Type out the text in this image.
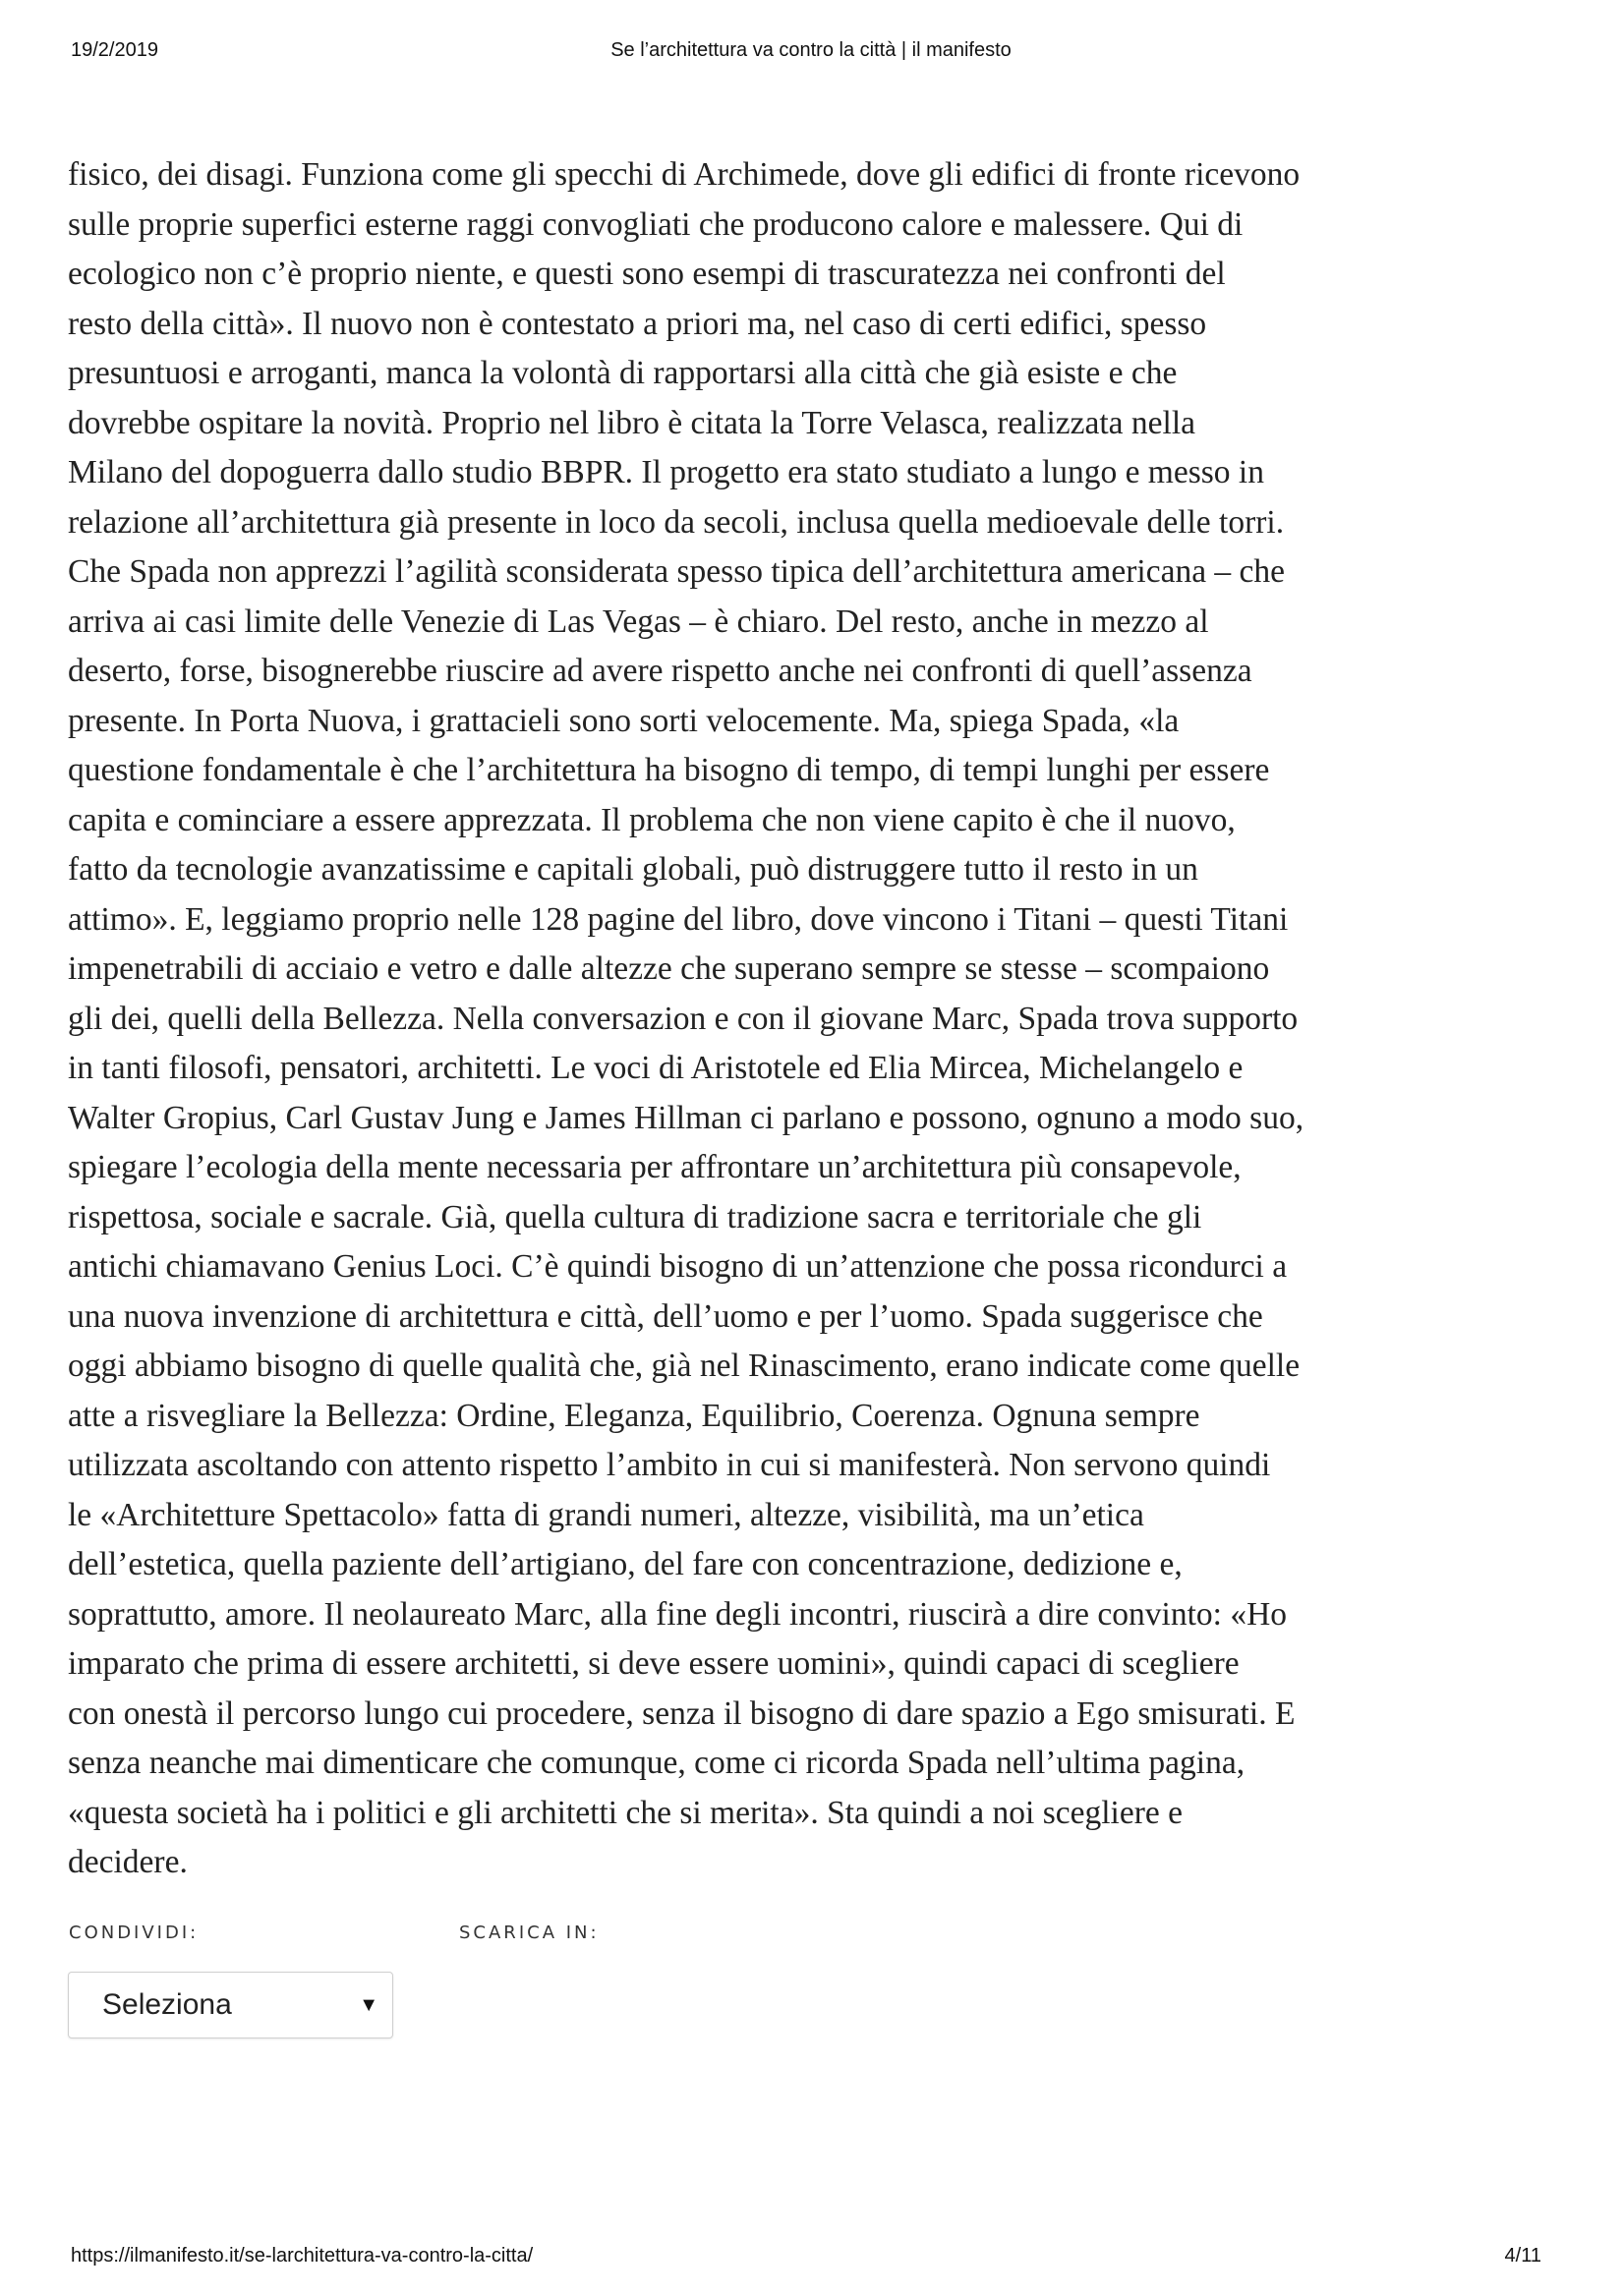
19/2/2019	Se l’architettura va contro la città | il manifesto
fisico, dei disagi. Funziona come gli specchi di Archimede, dove gli edifici di fronte ricevono
sulle proprie superfici esterne raggi convogliati che producono calore e malessere. Qui di
ecologico non c’è proprio niente, e questi sono esempi di trascuratezza nei confronti del
resto della città». Il nuovo non è contestato a priori ma, nel caso di certi edifici, spesso
presuntuosi e arroganti, manca la volontà di rapportarsi alla città che già esiste e che
dovrebbe ospitare la novità. Proprio nel libro è citata la Torre Velasca, realizzata nella
Milano del dopoguerra dallo studio BBPR. Il progetto era stato studiato a lungo e messo in
relazione all’architettura già presente in loco da secoli, inclusa quella medioevale delle torri.
Che Spada non apprezzi l’agilità sconsiderata spesso tipica dell’architettura americana – che
arriva ai casi limite delle Venezie di Las Vegas – è chiaro. Del resto, anche in mezzo al
deserto, forse, bisognerebbe riuscire ad avere rispetto anche nei confronti di quell’assenza
presente. In Porta Nuova, i grattacieli sono sorti velocemente. Ma, spiega Spada, «la
questione fondamentale è che l’architettura ha bisogno di tempo, di tempi lunghi per essere
capita e cominciare a essere apprezzata. Il problema che non viene capito è che il nuovo,
fatto da tecnologie avanzatissime e capitali globali, può distruggere tutto il resto in un
attimo». E, leggiamo proprio nelle 128 pagine del libro, dove vincono i Titani – questi Titani
impenetrabili di acciaio e vetro e dalle altezze che superano sempre se stesse – scompaiono
gli dei, quelli della Bellezza. Nella conversazion e con il giovane Marc, Spada trova supporto
in tanti filosofi, pensatori, architetti. Le voci di Aristotele ed Elia Mircea, Michelangelo e
Walter Gropius, Carl Gustav Jung e James Hillman ci parlano e possono, ognuno a modo suo,
spiegare l’ecologia della mente necessaria per affrontare un’architettura più consapevole,
rispettosa, sociale e sacrale. Già, quella cultura di tradizione sacra e territoriale che gli
antichi chiamavano Genius Loci. C’è quindi bisogno di un’attenzione che possa ricondurci a
una nuova invenzione di architettura e città, dell’uomo e per l’uomo. Spada suggerisce che
oggi abbiamo bisogno di quelle qualità che, già nel Rinascimento, erano indicate come quelle
atte a risvegliare la Bellezza: Ordine, Eleganza, Equilibrio, Coerenza. Ognuna sempre
utilizzata ascoltando con attento rispetto l’ambito in cui si manifesterà. Non servono quindi
le «Architetture Spettacolo» fatta di grandi numeri, altezze, visibilità, ma un’etica
dell’estetica, quella paziente dell’artigiano, del fare con concentrazione, dedizione e,
soprattutto, amore. Il neolaureato Marc, alla fine degli incontri, riuscirà a dire convinto: «Ho
imparato che prima di essere architetti, si deve essere uomini», quindi capaci di scegliere
con onestà il percorso lungo cui procedere, senza il bisogno di dare spazio a Ego smisurati. E
senza neanche mai dimenticare che comunque, come ci ricorda Spada nell’ultima pagina,
«questa società ha i politici e gli architetti che si merita». Sta quindi a noi scegliere e
decidere.
CONDIVIDI:	SCARICA IN:
Seleziona	▼
https://ilmanifesto.it/se-larchitettura-va-contro-la-citta/	4/11
